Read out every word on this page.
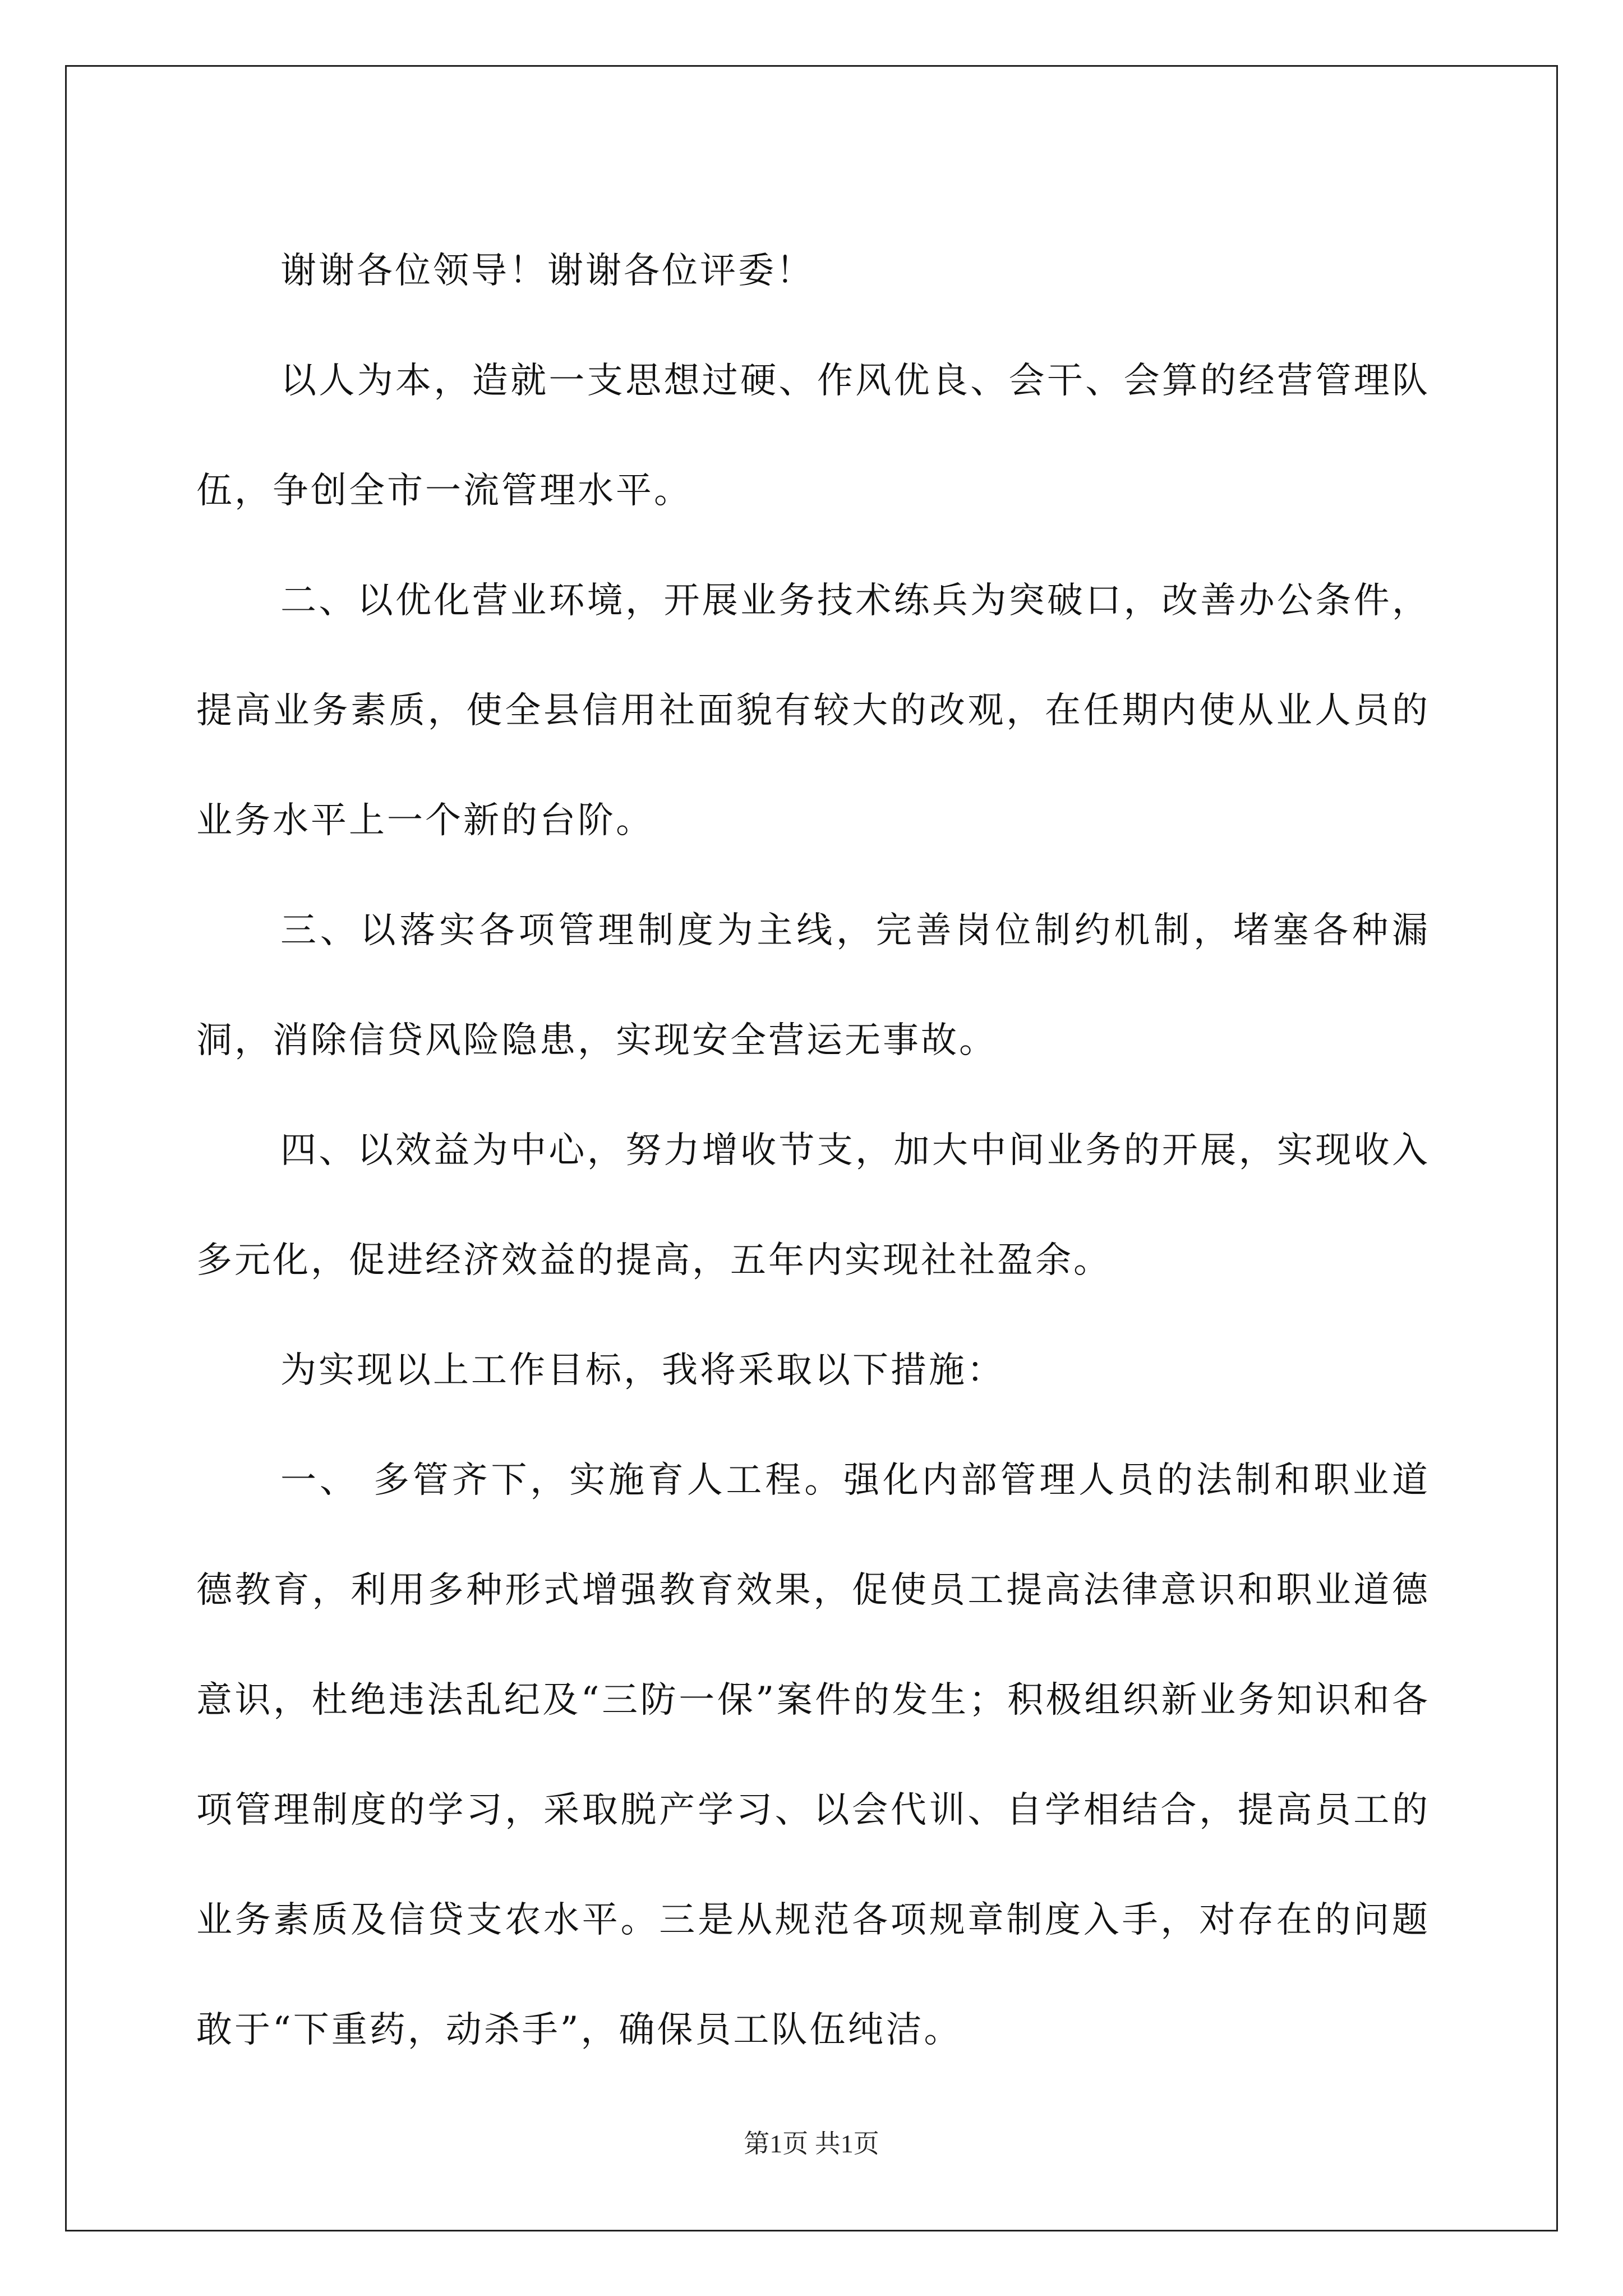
谢谢各位领导！谢谢各位评委！

以人为本，造就一支思想过硬、作风优良、会干、会算的经营管理队伍，争创全市一流管理水平。

二、以优化营业环境，开展业务技术练兵为突破口，改善办公条件，提高业务素质，使全县信用社面貌有较大的改观，在任期内使从业人员的业务水平上一个新的台阶。

三、以落实各项管理制度为主线，完善岗位制约机制，堵塞各种漏洞，消除信贷风险隐患，实现安全营运无事故。

四、以效益为中心，努力增收节支，加大中间业务的开展，实现收入多元化，促进经济效益的提高，五年内实现社社盈余。

为实现以上工作目标，我将采取以下措施：

一、 多管齐下，实施育人工程。强化内部管理人员的法制和职业道德教育，利用多种形式增强教育效果，促使员工提高法律意识和职业道德意识，杜绝违法乱纪及“三防一保”案件的发生；积极组织新业务知识和各项管理制度的学习，采取脱产学习、以会代训、自学相结合，提高员工的业务素质及信贷支农水平。三是从规范各项规章制度入手，对存在的问题敢于“下重药，动杀手”，确保员工队伍纯洁。

第1页 共1页
